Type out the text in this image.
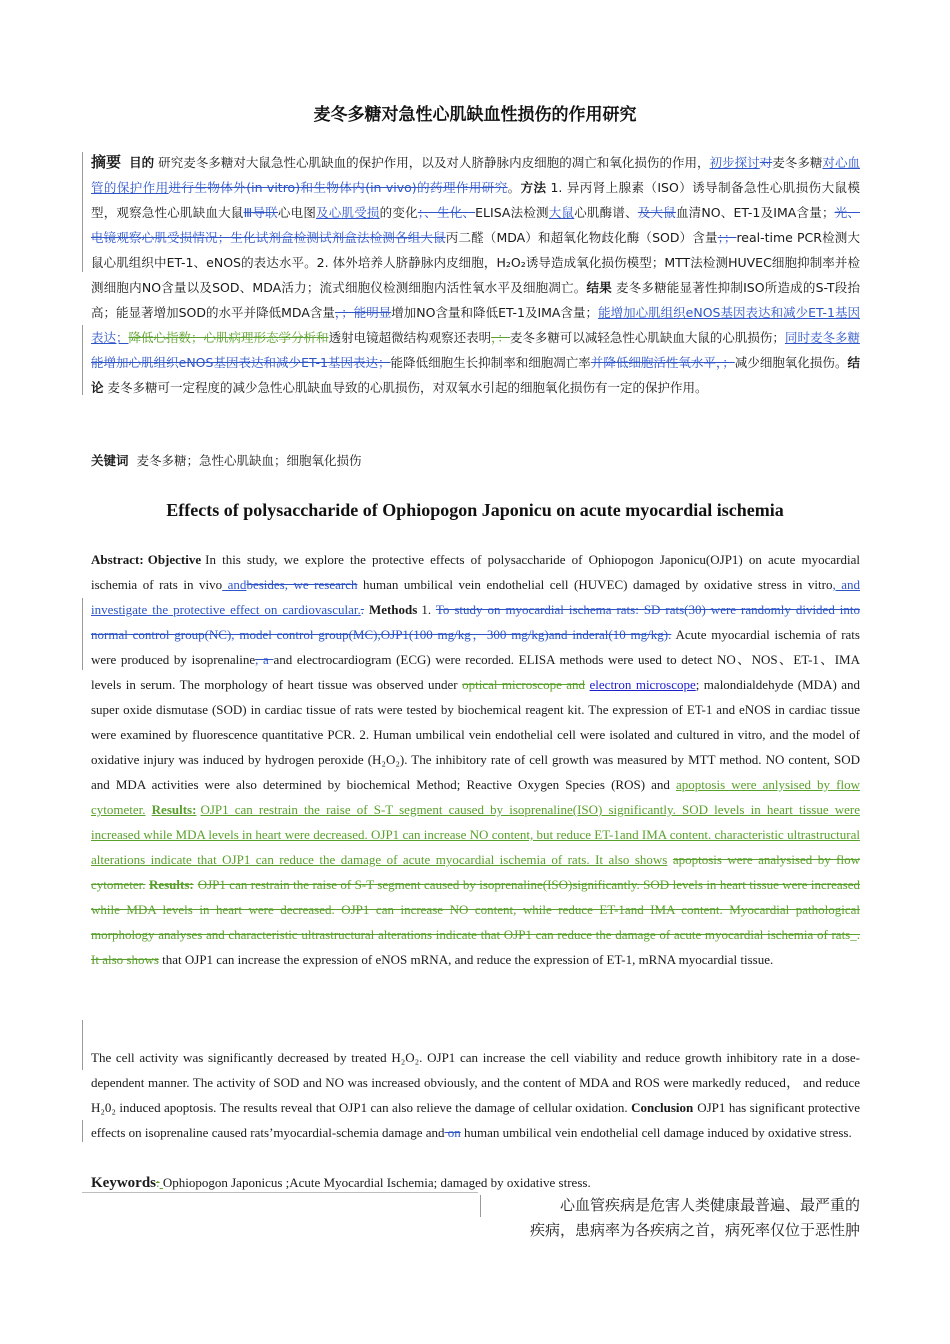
麦冬多糖对急性心肌缺血性损伤的作用研究
摘要 目的 研究麦冬多糖对大鼠急性心肌缺血的保护作用，以及对人脐静脉内皮细胞的凋亡和氧化损伤的作用，初步探讨对麦冬多糖对心血管的保护作用进行生物体外(in vitro)和生物体内(in vivo)的药理作用研究。方法 1. 异丙肾上腺素（ISO）诱导制备急性心肌损伤大鼠模型，观察急性心肌缺血大鼠Ⅲ导联心电图及心肌受损的变化；、生化、ELISA法检测大鼠心肌酶谱、及大鼠血清NO、ET-1及IMA含量；光、电镜观察心肌受损情况；生化试剂盒检测试剂盒法检测各组大鼠丙二醛（MDA）和超氧化物歧化酶（SOD）含量；；real-time PCR检测大鼠心肌组织中ET-1、eNOS的表达水平。2. 体外培养人脐静脉内皮细胞，H₂O₂诱导造成氧化损伤模型；MTT法检测HUVEC细胞抑制率并检测细胞内NO含量以及SOD、MDA活力；流式细胞仪检测细胞内活性氧水平及细胞凋亡。结果 麦冬多糖能显著性抑制ISO所造成的S-T段抬高；能显著增加SOD的水平并降低MDA含量，；能明显增加NO含量和降低ET-1及IMA含量；能增加心肌组织eNOS基因表达和减少ET-1基因表达；降低心指数；心肌病理形态学分析和透射电镜超微结构观察还表明，：麦冬多糖可以减轻急性心肌缺血大鼠的心肌损伤；同时麦冬多糖能增加心肌组织eNOS基因表达和减少ET-1基因表达；能降低细胞生长抑制率和细胞凋亡率并降低细胞活性氧水平，；减少细胞氧化损伤。结论 麦冬多糖可一定程度的减少急性心肌缺血导致的心肌损伤，对双氧水引起的细胞氧化损伤有一定的保护作用。
关键词 麦冬多糖；急性心肌缺血；细胞氧化损伤
Effects of polysaccharide of Ophiopogon Japonicu on acute myocardial ischemia
Abstract: Objective In this study, we explore the protective effects of polysaccharide of Ophiopogon Japonicu(OJP1) on acute myocardial ischemia of rats in vivo andbesides, we research human umbilical vein endothelial cell (HUVEC) damaged by oxidative stress in vitro, and investigate the protective effect on cardiovascular.. Methods 1. To study on myocardial ischema rats: SD rats(30) were randomly divided into normal control group(NC), model control group(MC),OJP1(100 mg/kg，300 mg/kg)and inderal(10 mg/kg). Acute myocardial ischemia of rats were produced by isoprenaline, a and electrocardiogram (ECG) were recorded. ELISA methods were used to detect NO、NOS、ET-1、IMA levels in serum. The morphology of heart tissue was observed under optical microscope and electron microscope; malondialdehyde (MDA) and super oxide dismutase (SOD) in cardiac tissue of rats were tested by biochemical reagent kit. The expression of ET-1 and eNOS in cardiac tissue were examined by fluorescence quantitative PCR. 2. Human umbilical vein endothelial cell were isolated and cultured in vitro, and the model of oxidative injury was induced by hydrogen peroxide (H₂O₂). The inhibitory rate of cell growth was measured by MTT method. NO content, SOD and MDA activities were also determined by biochemical Method; Reactive Oxygen Species (ROS) and apoptosis were anlysised by flow cytometer. Results: OJP1 can restrain the raise of S-T segment caused by isoprenaline(ISO) significantly. SOD levels in heart tissue were increased while MDA levels in heart were decreased. OJP1 can increase NO content, but reduce ET-1and IMA content. characteristic ultrastructural alterations indicate that OJP1 can reduce the damage of acute myocardial ischemia of rats. It also shows apoptosis were analysised by flow cytometer. Results: OJP1 can restrain the raise of S-T segment caused by isoprenaline(ISO)significantly. SOD levels in heart tissue were increased while MDA levels in heart were decreased. OJP1 can increase NO content, while reduce ET-1and IMA content. Myocardial pathological morphology analyses and characteristic ultrastructural alterations indicate that OJP1 can reduce the damage of acute myocardial ischemia of rats_. It also shows that OJP1 can increase the expression of eNOS mRNA, and reduce the expression of ET-1, mRNA myocardial tissue.
The cell activity was significantly decreased by treated H₂O₂. OJP1 can increase the cell viability and reduce growth inhibitory rate in a dose-dependent manner. The activity of SOD and NO was increased obviously, and the content of MDA and ROS were markedly reduced， and reduce H₂0₂ induced apoptosis. The results reveal that OJP1 can also relieve the damage of cellular oxidation. Conclusion OJP1 has significant protective effects on isoprenaline caused rats’myocardial-schemia damage and on human umbilical vein endothelial cell damage induced by oxidative stress.
Keywords: Ophiopogon Japonicus ;Acute Myocardial Ischemia; damaged by oxidative stress.
心血管疾病是危害人类健康最普遍、最严重的
疾病，患病率为各疾病之首，病死率仅位于恶性肿
